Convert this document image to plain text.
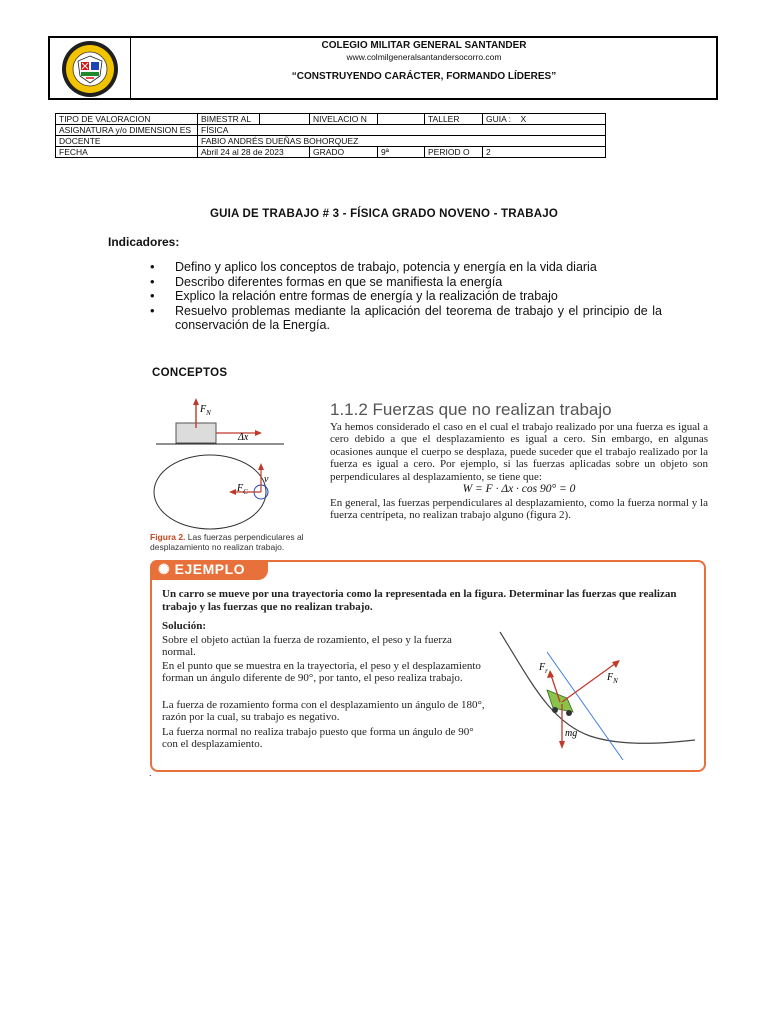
COLEGIO MILITAR GENERAL SANTANDER
www.colmilgeneralsantandersocorro.com
“CONSTRUYENDO CARÁCTER, FORMANDO LÍDERES”
TIPO DE VALORACION	BIMESTR AL		NIVELACIO N		TALLER	GUIA : X
ASIGNATURA y/o DIMENSION ES	FÍSICA					
DOCENTE	FABIO ANDRÉS DUEÑAS BOHORQUEZ					
FECHA	Abril 24 al 28 de 2023		GRADO	9ª	PERIOD O	2
GUIA DE TRABAJO # 3 - FÍSICA GRADO NOVENO - TRABAJO
Indicadores:
• Defino y aplico los conceptos de trabajo, potencia y energía en la vida diaria
• Describo diferentes formas en que se manifiesta la energía
• Explico la relación entre formas de energía y la realización de trabajo
• Resuelvo problemas mediante la aplicación del teorema de trabajo y el principio de la conservación de la Energía.
CONCEPTOS
$F_N$
Δx
$F_C$
v
Figura 2. Las fuerzas perpendiculares al desplazamiento no realizan trabajo.
1.1.2 Fuerzas que no realizan trabajo
Ya hemos considerado el caso en el cual el trabajo realizado por una fuerza es igual a cero debido a que el desplazamiento es igual a cero. Sin embargo, en algunas ocasiones aunque el cuerpo se desplaza, puede suceder que el trabajo realizado por la fuerza es igual a cero. Por ejemplo, si las fuerzas aplicadas sobre un objeto son perpendiculares al desplazamiento, se tiene que:
W = F · Δx · cos 90° = 0
En general, las fuerzas perpendiculares al desplazamiento, como la fuerza normal y la fuerza centrípeta, no realizan trabajo alguno (figura 2).
✺ EJEMPLO
Un carro se mueve por una trayectoria como la representada en la figura. Determinar las fuerzas que realizan trabajo y las fuerzas que no realizan trabajo.
Solución:
Sobre el objeto actúan la fuerza de rozamiento, el peso y la fuerza normal.
En el punto que se muestra en la trayectoria, el peso y el desplazamiento forman un ángulo diferente de 90°, por tanto, el peso realiza trabajo.
La fuerza de rozamiento forma con el desplazamiento un ángulo de 180°, razón por la cual, su trabajo es negativo.
La fuerza normal no realiza trabajo puesto que forma un ángulo de 90° con el desplazamiento.
$F_r$
$F_N$
mg
.
